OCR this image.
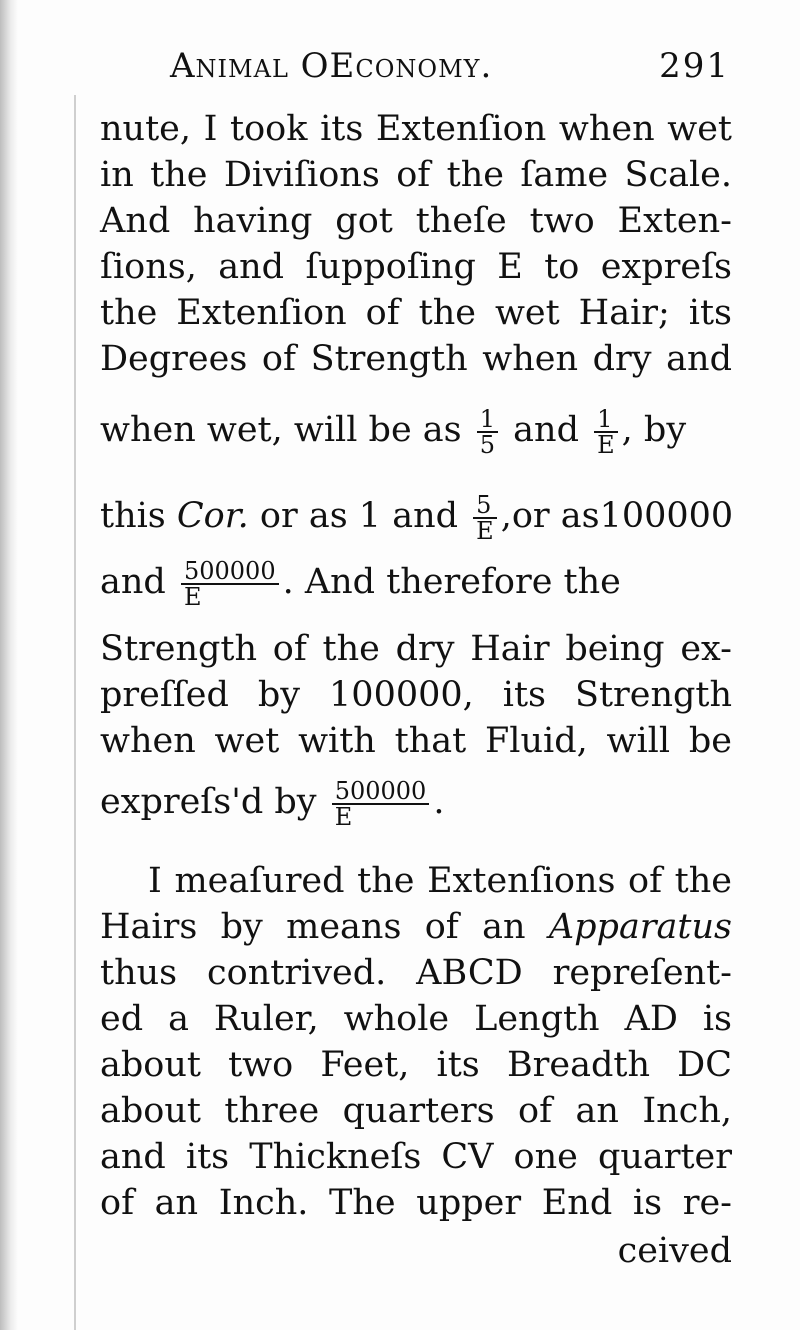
Animal OEconomy.	291
nute, I took its Extenſion when wet
in the Diviſions of the ſame Scale.
And having got theſe two Exten-
ſions, and ſuppoſing E to expreſs
the Extenſion of the wet Hair; its
Degrees of Strength when dry and
when wet, will be as $\frac{1}{5}$ and $\frac{1}{E}$ , by
this Cor. or as 1 and $\frac{5}{E} ,or$ as100000
and $\frac{500000}{E}$ . And therefore the
Strength of the dry Hair being ex-
preſſed by 100000, its Strength
when wet with that Fluid, will be
expreſs'd by $\frac{500000}{E}$ .
I meaſured the Extenſions of the
Hairs by means of an Apparatus
thus contrived. ABCD repreſent-
ed a Ruler, whole Length AD is
about two Feet, its Breadth DC
about three quarters of an Inch,
and its Thickneſs CV one quarter
of an Inch. The upper End is re-
ceived
